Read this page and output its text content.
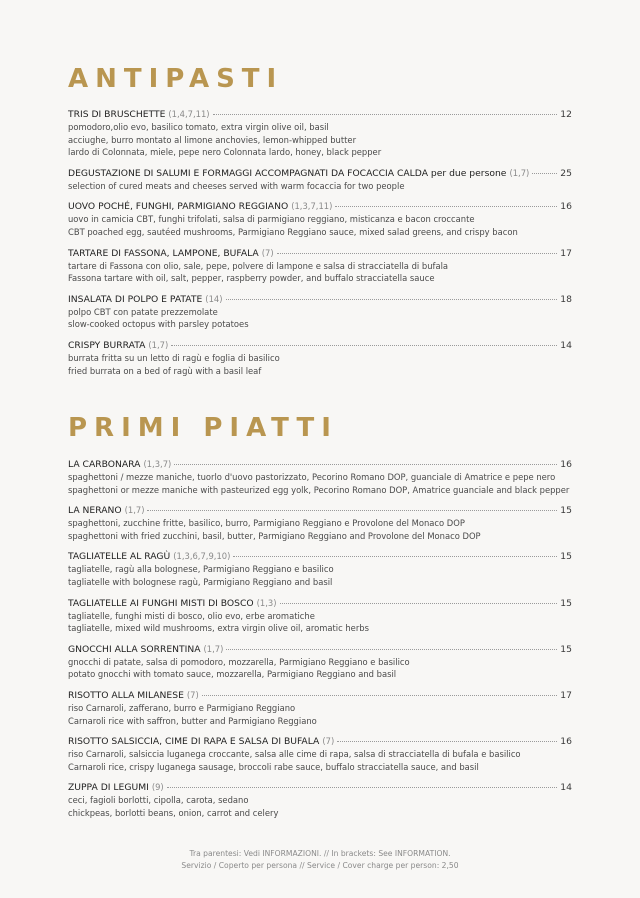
ANTIPASTI
TRIS DI BRUSCHETTE (1,4,7,11)	12
pomodoro,olio evo, basilico tomato, extra virgin olive oil, basil
acciughe, burro montato al limone anchovies, lemon-whipped butter
lardo di Colonnata, miele, pepe nero Colonnata lardo, honey, black pepper
DEGUSTAZIONE DI SALUMI E FORMAGGI ACCOMPAGNATI DA FOCACCIA CALDA per due persone (1,7)	25
selection of cured meats and cheeses served with warm focaccia for two people
UOVO POCHÉ, FUNGHI, PARMIGIANO REGGIANO (1,3,7,11)	16
uovo in camicia CBT, funghi trifolati, salsa di parmigiano reggiano, misticanza e bacon croccante
CBT poached egg, sautéed mushrooms, Parmigiano Reggiano sauce, mixed salad greens, and crispy bacon
TARTARE DI FASSONA, LAMPONE, BUFALA (7)	17
tartare di Fassona con olio, sale, pepe, polvere di lampone e salsa di stracciatella di bufala
Fassona tartare with oil, salt, pepper, raspberry powder, and buffalo stracciatella sauce
INSALATA DI POLPO E PATATE (14)	18
polpo CBT con patate prezzemolate
slow-cooked octopus with parsley potatoes
CRISPY BURRATA (1,7)	14
burrata fritta su un letto di ragù e foglia di basilico
fried burrata on a bed of ragù with a basil leaf
PRIMI PIATTI
LA CARBONARA (1,3,7)	16
spaghettoni / mezze maniche, tuorlo d'uovo pastorizzato, Pecorino Romano DOP, guanciale di Amatrice e pepe nero
spaghettoni or mezze maniche with pasteurized egg yolk, Pecorino Romano DOP, Amatrice guanciale and black pepper
LA NERANO (1,7)	15
spaghettoni, zucchine fritte, basilico, burro, Parmigiano Reggiano e Provolone del Monaco DOP
spaghettoni with fried zucchini, basil, butter, Parmigiano Reggiano and Provolone del Monaco DOP
TAGLIATELLE AL RAGÙ (1,3,6,7,9,10)	15
tagliatelle, ragù alla bolognese, Parmigiano Reggiano e basilico
tagliatelle with bolognese ragù, Parmigiano Reggiano and basil
TAGLIATELLE AI FUNGHI MISTI DI BOSCO (1,3)	15
tagliatelle, funghi misti di bosco, olio evo, erbe aromatiche
tagliatelle, mixed wild mushrooms, extra virgin olive oil, aromatic herbs
GNOCCHI ALLA SORRENTINA (1,7)	15
gnocchi di patate, salsa di pomodoro, mozzarella, Parmigiano Reggiano e basilico
potato gnocchi with tomato sauce, mozzarella, Parmigiano Reggiano and basil
RISOTTO ALLA MILANESE (7)	17
riso Carnaroli, zafferano, burro e Parmigiano Reggiano
Carnaroli rice with saffron, butter and Parmigiano Reggiano
RISOTTO SALSICCIA, CIME DI RAPA E SALSA DI BUFALA (7)	16
riso Carnaroli, salsiccia luganega croccante, salsa alle cime di rapa, salsa di stracciatella di bufala e basilico
Carnaroli rice, crispy luganega sausage, broccoli rabe sauce, buffalo stracciatella sauce, and basil
ZUPPA DI LEGUMI (9)	14
ceci, fagioli borlotti, cipolla, carota, sedano
chickpeas, borlotti beans, onion, carrot and celery
Tra parentesi: Vedi INFORMAZIONI. // In brackets: See INFORMATION.
Servizio / Coperto per persona // Service / Cover charge per person: 2,50
